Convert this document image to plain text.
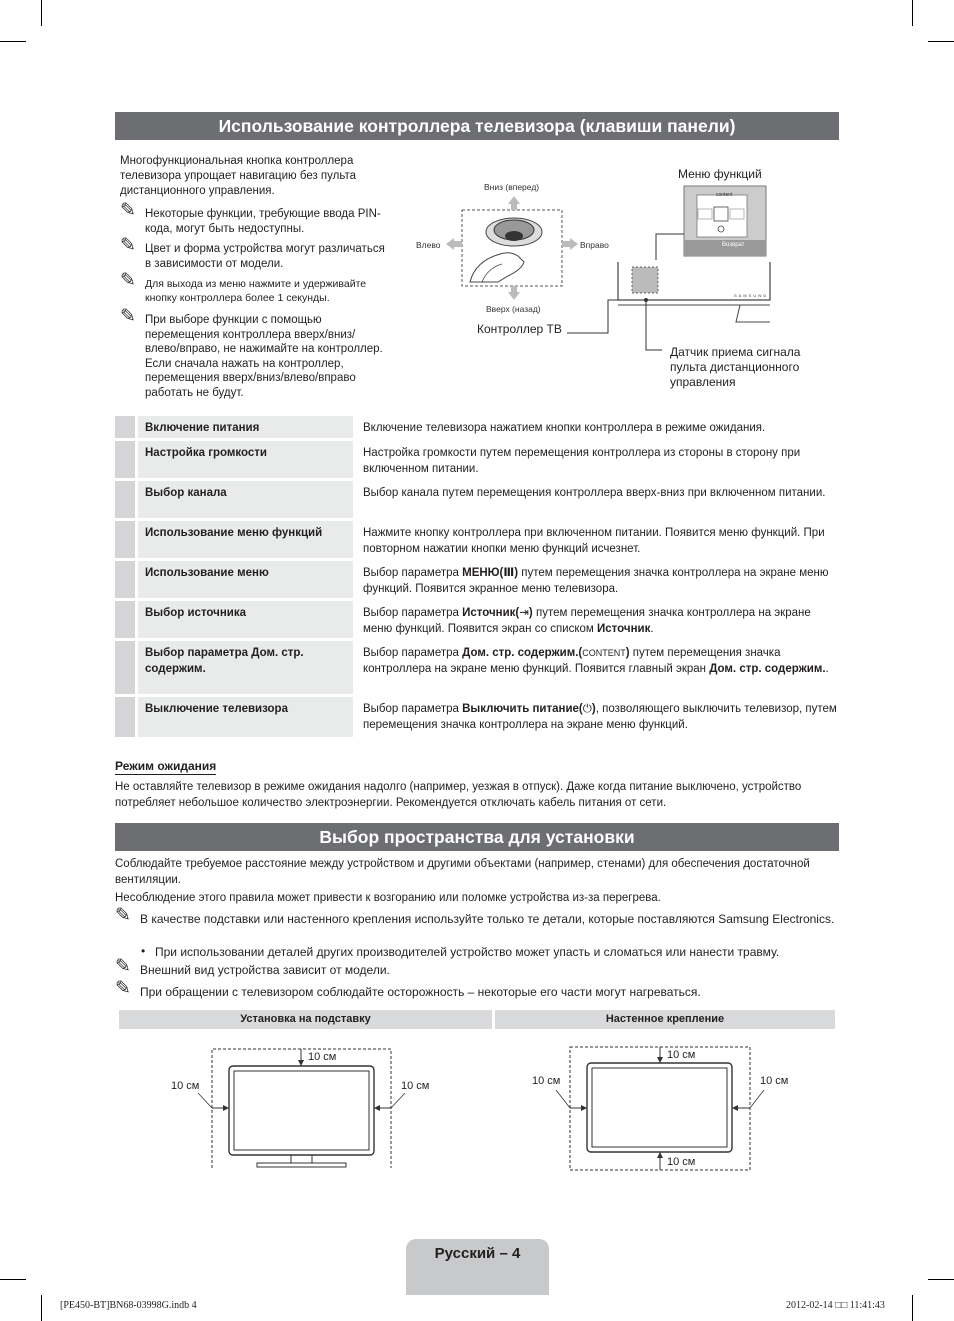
Использование контроллера телевизора (клавиши панели)
Многофункциональная кнопка контроллера телевизора упрощает навигацию без пульта дистанционного управления.
✎ Некоторые функции, требующие ввода PIN-кода, могут быть недоступны.
✎ Цвет и форма устройства могут различаться в зависимости от модели.
✎ Для выхода из меню нажмите и удерживайте кнопку контроллера более 1 секунды.
✎ При выборе функции с помощью перемещения контроллера вверх/вниз/влево/вправо, не нажимайте на контроллер. Если сначала нажать на контроллер, перемещения вверх/вниз/влево/вправо работать не будут.
Вниз (вперед)
Влево	Вправо
Вверх (назад)
content
Возврат
SAMSUNG
Меню функций
Контроллер ТВ
Датчик приема сигнала пульта дистанционного управления
Включение питания	Включение телевизора нажатием кнопки контроллера в режиме ожидания.
Настройка громкости	Настройка громкости путем перемещения контроллера из стороны в сторону при включенном питании.
Выбор канала	Выбор канала путем перемещения контроллера вверх-вниз при включенном питании.
Использование меню функций	Нажмите кнопку контроллера при включенном питании. Появится меню функций. При повторном нажатии кнопки меню функций исчезнет.
Использование меню	Выбор параметра МЕНЮ(Ⅲ) путем перемещения значка контроллера на экране меню функций. Появится экранное меню телевизора.
Выбор источника	Выбор параметра Источник(⇥) путем перемещения значка контроллера на экране меню функций. Появится экран со списком Источник.
Выбор параметра Дом. стр. содержим.
Выбор параметра Дом. стр. содержим.(CONTENT) путем перемещения значка контроллера на экране меню функций. Появится главный экран Дом. стр. содержим..
Выключение телевизора	Выбор параметра Выключить питание(⏻), позволяющего выключить телевизор, путем перемещения значка контроллера на экране меню функций.
Режим ожидания
Не оставляйте телевизор в режиме ожидания надолго (например, уезжая в отпуск). Даже когда питание выключено, устройство потребляет небольшое количество электроэнергии. Рекомендуется отключать кабель питания от сети.
Выбор пространства для установки
Соблюдайте требуемое расстояние между устройством и другими объектами (например, стенами) для обеспечения достаточной вентиляции.
Несоблюдение этого правила может привести к возгоранию или поломке устройства из-за перегрева.
✎ В качестве подставки или настенного крепления используйте только те детали, которые поставляются Samsung Electronics.
• При использовании деталей других производителей устройство может упасть и сломаться или нанести травму.
✎ Внешний вид устройства зависит от модели.
✎ При обращении с телевизором соблюдайте осторожность – некоторые его части могут нагреваться.
Установка на подставку	Настенное крепление
10 см
10 см	10 см
10 см
10 см	10 см
10 см
Русский – 4
[PE450-BT]BN68-03998G.indb 4	2012-02-14 □□ 11:41:43
